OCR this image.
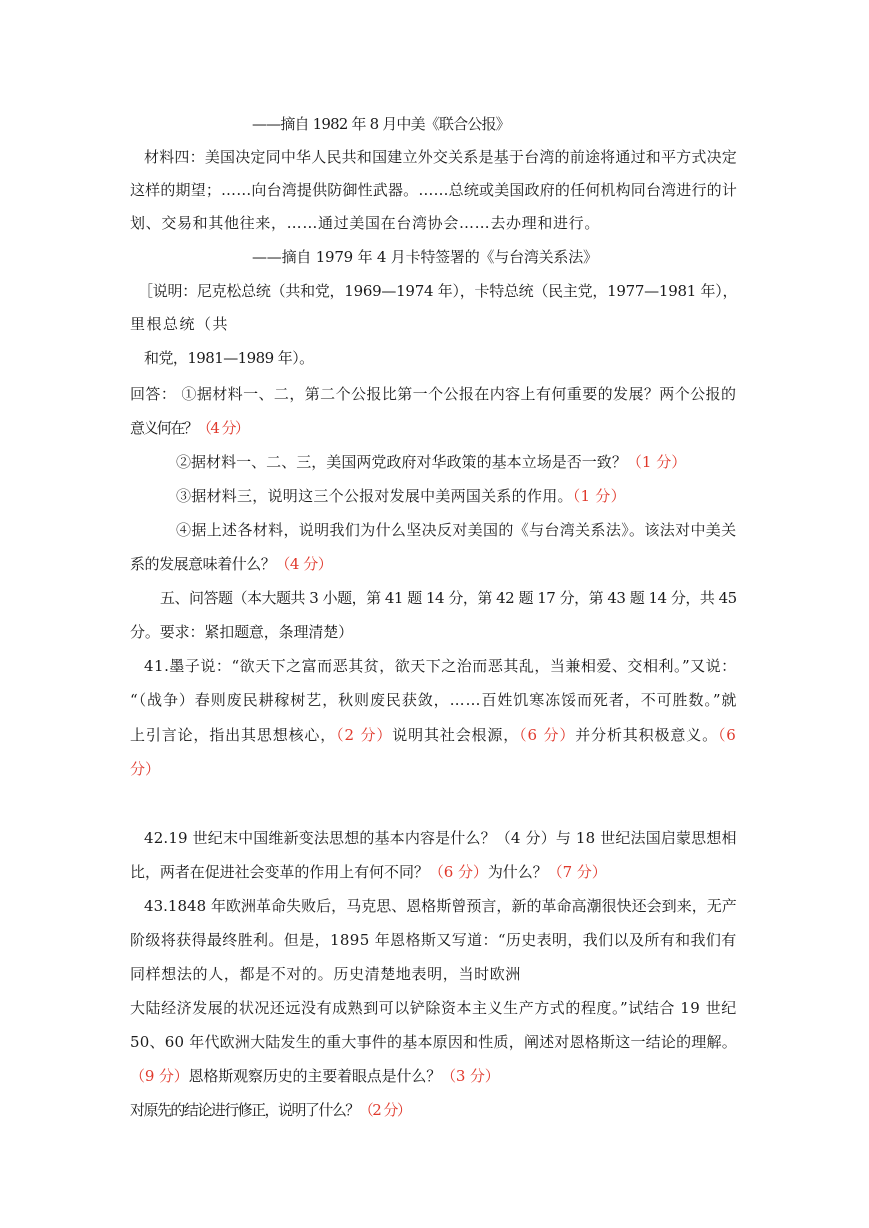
——摘自 1982 年 8 月中美《联合公报》
材料四：美国决定同中华人民共和国建立外交关系是基于台湾的前途将通过和平方式决定
这样的期望；……向台湾提供防御性武器。……总统或美国政府的任何机构同台湾进行的计
划、交易和其他往来，……通过美国在台湾协会……去办理和进行。
——摘自 1979 年 4 月卡特签署的《与台湾关系法》
［说明：尼克松总统（共和党，1969—1974 年），卡特总统（民主党，1977—1981 年），
里根总统（共
和党，1981—1989 年）。
回答： ①据材料一、二，第二个公报比第一个公报在内容上有何重要的发展？两个公报的
意义何在？（4 分）
②据材料一、二、三，美国两党政府对华政策的基本立场是否一致？（1 分）
③据材料三，说明这三个公报对发展中美两国关系的作用。（1 分）
④据上述各材料，说明我们为什么坚决反对美国的《与台湾关系法》。该法对中美关
系的发展意味着什么？（4 分）
五、问答题（本大题共 3 小题，第 41 题 14 分，第 42 题 17 分，第 43 题 14 分，共 45
分。要求：紧扣题意，条理清楚）
41.墨子说：“欲天下之富而恶其贫，欲天下之治而恶其乱，当兼相爱、交相利。”又说：
“（战争）春则废民耕稼树艺，秋则废民获敛，……百姓饥寒冻馁而死者，不可胜数。”就
上引言论，指出其思想核心，（2 分）说明其社会根源，（6 分）并分析其积极意义。（6
分）
42.19 世纪末中国维新变法思想的基本内容是什么？（4 分）与 18 世纪法国启蒙思想相
比，两者在促进社会变革的作用上有何不同？（6 分）为什么？（7 分）
43.1848 年欧洲革命失败后，马克思、恩格斯曾预言，新的革命高潮很快还会到来，无产
阶级将获得最终胜利。但是，1895 年恩格斯又写道：“历史表明，我们以及所有和我们有
同样想法的人，都是不对的。历史清楚地表明，当时欧洲
大陆经济发展的状况还远没有成熟到可以铲除资本主义生产方式的程度。”试结合 19 世纪
50、60 年代欧洲大陆发生的重大事件的基本原因和性质，阐述对恩格斯这一结论的理解。
（9 分）恩格斯观察历史的主要着眼点是什么？（3 分）
对原先的结论进行修正，说明了什么？（2 分）
